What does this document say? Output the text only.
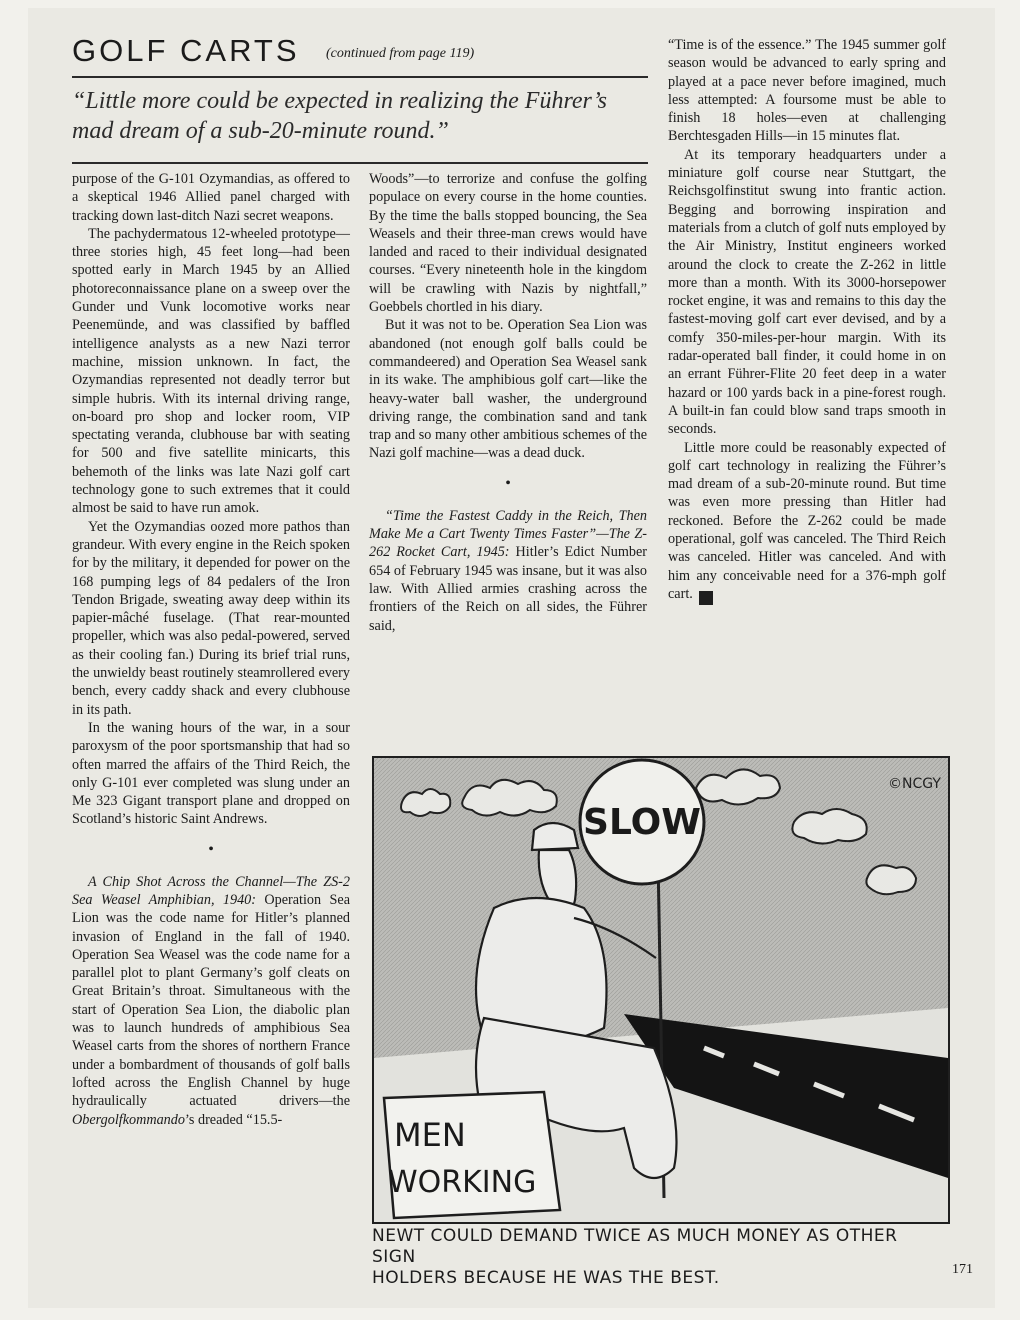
GOLF CARTS (continued from page 119)
“Little more could be expected in realizing the Führer’s mad dream of a sub-20-minute round.”

purpose of the G-101 Ozymandias, as offered to a skeptical 1946 Allied panel charged with tracking down last-ditch Nazi secret weapons.

The pachydermatous 12-wheeled prototype—three stories high, 45 feet long—had been spotted early in March 1945 by an Allied photoreconnaissance plane on a sweep over the Gunder und Vunk locomotive works near Peenemünde, and was classified by baffled intelligence analysts as a new Nazi terror machine, mission unknown. In fact, the Ozymandias represented not deadly terror but simple hubris. With its internal driving range, on-board pro shop and locker room, VIP spectating veranda, clubhouse bar with seating for 500 and five satellite minicarts, this behemoth of the links was late Nazi golf cart technology gone to such extremes that it could almost be said to have run amok.

Yet the Ozymandias oozed more pathos than grandeur. With every engine in the Reich spoken for by the military, it depended for power on the 168 pumping legs of 84 pedalers of the Iron Tendon Brigade, sweating away deep within its papier-mâché fuselage. (That rear-mounted propeller, which was also pedal-powered, served as their cooling fan.) During its brief trial runs, the unwieldy beast routinely steamrollered every bench, every caddy shack and every clubhouse in its path.

In the waning hours of the war, in a sour paroxysm of the poor sportsmanship that had so often marred the affairs of the Third Reich, the only G-101 ever completed was slung under an Me 323 Gigant transport plane and dropped on Scotland’s historic Saint Andrews.

•

A Chip Shot Across the Channel—The ZS-2 Sea Weasel Amphibian, 1940: Operation Sea Lion was the code name for Hitler’s planned invasion of England in the fall of 1940. Operation Sea Weasel was the code name for a parallel plot to plant Germany’s golf cleats on Great Britain’s throat. Simultaneous with the start of Operation Sea Lion, the diabolic plan was to launch hundreds of amphibious Sea Weasel carts from the shores of northern France under a bombardment of thousands of golf balls lofted across the English Channel by huge hydraulically actuated drivers—the Obergolfkommando’s dreaded “15.5-

Woods”—to terrorize and confuse the golfing populace on every course in the home counties. By the time the balls stopped bouncing, the Sea Weasels and their three-man crews would have landed and raced to their individual designated courses. “Every nineteenth hole in the kingdom will be crawling with Nazis by nightfall,” Goebbels chortled in his diary.

But it was not to be. Operation Sea Lion was abandoned (not enough golf balls could be commandeered) and Operation Sea Weasel sank in its wake. The amphibious golf cart—like the heavy-water ball washer, the underground driving range, the combination sand and tank trap and so many other ambitious schemes of the Nazi golf machine—was a dead duck.

•

“Time the Fastest Caddy in the Reich, Then Make Me a Cart Twenty Times Faster”—The Z-262 Rocket Cart, 1945: Hitler’s Edict Number 654 of February 1945 was insane, but it was also law. With Allied armies crashing across the frontiers of the Reich on all sides, the Führer said,

“Time is of the essence.” The 1945 summer golf season would be advanced to early spring and played at a pace never before imagined, much less attempted: A foursome must be able to finish 18 holes—even at challenging Berchtesgaden Hills—in 15 minutes flat.

At its temporary headquarters under a miniature golf course near Stuttgart, the Reichsgolfinstitut swung into frantic action. Begging and borrowing inspiration and materials from a clutch of golf nuts employed by the Air Ministry, Institut engineers worked around the clock to create the Z-262 in little more than a month. With its 3000-horsepower rocket engine, it was and remains to this day the fastest-moving golf cart ever devised, and by a comfy 350-miles-per-hour margin. With its radar-operated ball finder, it could home in on an errant Führer-Flite 20 feet deep in a water hazard or 100 yards back in a pine-forest rough. A built-in fan could blow sand traps smooth in seconds.

Little more could be reasonably expected of golf cart technology in realizing the Führer’s mad dream of a sub-20-minute round. But time was even more pressing than Hitler had reckoned. Before the Z-262 could be made operational, golf was canceled. The Third Reich was canceled. Hitler was canceled. And with him any conceivable need for a 376-mph golf cart. Y

©NCGY
SLOW
MEN
WORKING
NEWT COULD DEMAND TWICE AS MUCH MONEY AS OTHER SIGN
HOLDERS BECAUSE HE WAS THE BEST.	171
